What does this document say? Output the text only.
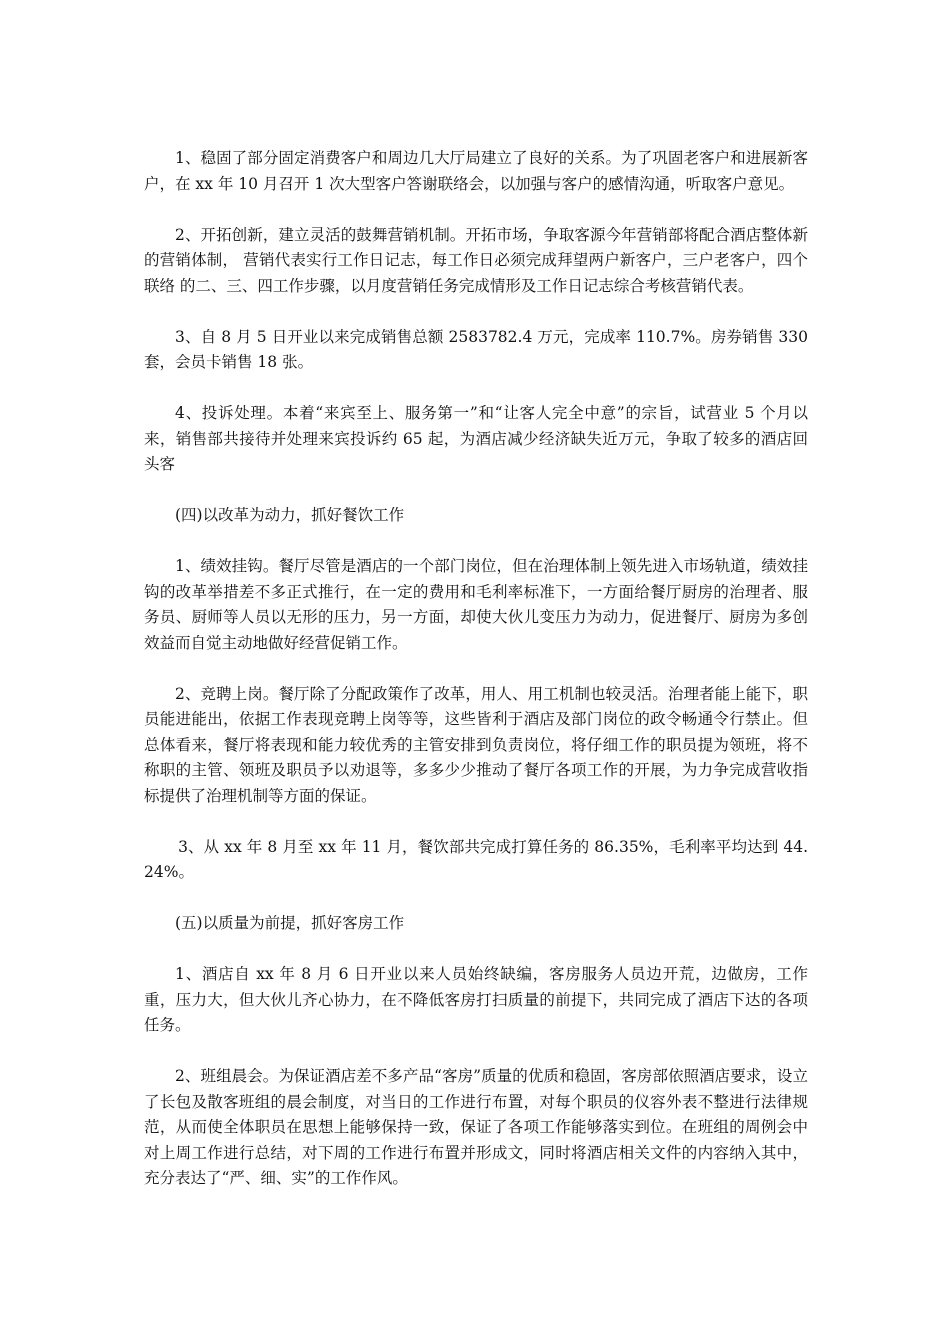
1、稳固了部分固定消费客户和周边几大厅局建立了良好的关系。为了巩固老客户和进展新客户，在 xx 年 10 月召开 1 次大型客户答谢联络会，以加强与客户的感情沟通，听取客户意见。

2、开拓创新，建立灵活的鼓舞营销机制。开拓市场，争取客源今年营销部将配合酒店整体新的营销体制， 营销代表实行工作日记志，每工作日必须完成拜望两户新客户，三户老客户，四个联络 的二、三、四工作步骤，以月度营销任务完成情形及工作日记志综合考核营销代表。

3、自 8 月 5 日开业以来完成销售总额 2583782.4 万元，完成率 110.7%。房券销售 330 套，会员卡销售 18 张。

4、投诉处理。本着“来宾至上、服务第一”和“让客人完全中意”的宗旨，试营业 5 个月以来，销售部共接待并处理来宾投诉约 65 起，为酒店减少经济缺失近万元，争取了较多的酒店回头客

(四)以改革为动力，抓好餐饮工作

1、绩效挂钩。餐厅尽管是酒店的一个部门岗位，但在治理体制上领先进入市场轨道，绩效挂钩的改革举措差不多正式推行，在一定的费用和毛利率标准下，一方面给餐厅厨房的治理者、服务员、厨师等人员以无形的压力，另一方面，却使大伙儿变压力为动力，促进餐厅、厨房为多创效益而自觉主动地做好经营促销工作。

2、竞聘上岗。餐厅除了分配政策作了改革，用人、用工机制也较灵活。治理者能上能下，职员能进能出，依据工作表现竞聘上岗等等，这些皆利于酒店及部门岗位的政令畅通令行禁止。但总体看来，餐厅将表现和能力较优秀的主管安排到负责岗位，将仔细工作的职员提为领班，将不称职的主管、领班及职员予以劝退等，多多少少推动了餐厅各项工作的开展，为力争完成营收指标提供了治理机制等方面的保证。

3、从 xx 年 8 月至 xx 年 11 月，餐饮部共完成打算任务的 86.35%，毛利率平均达到 44.24%。

(五)以质量为前提，抓好客房工作

1、酒店自 xx 年 8 月 6 日开业以来人员始终缺编，客房服务人员边开荒，边做房，工作重，压力大，但大伙儿齐心协力，在不降低客房打扫质量的前提下，共同完成了酒店下达的各项任务。

2、班组晨会。为保证酒店差不多产品“客房”质量的优质和稳固，客房部依照酒店要求，设立了长包及散客班组的晨会制度，对当日的工作进行布置，对每个职员的仪容外表不整进行法律规范，从而使全体职员在思想上能够保持一致，保证了各项工作能够落实到位。在班组的周例会中对上周工作进行总结，对下周的工作进行布置并形成文，同时将酒店相关文件的内容纳入其中，充分表达了“严、细、实”的工作作风。
